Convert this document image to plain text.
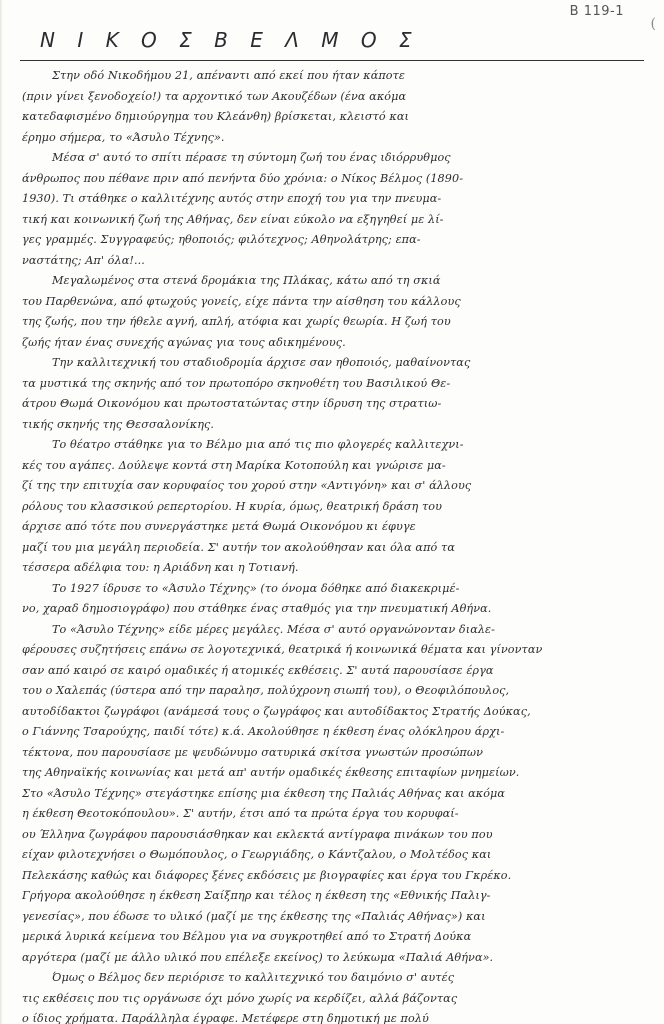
Β 119-1
(
Ν Ι Κ Ο Σ Β Ε Λ Μ Ο Σ
Στην οδό Νικοδήμου 21, απέναντι από εκεί που ήταν κάποτε
(πριν γίνει ξενοδοχείο!) τα αρχοντικό των Ακουζέδων (ένα ακόμα
κατεδαφισμένο δημιούργημα του Κλεάνθη) βρίσκεται, κλειστό και
έρημο σήμερα, το «Άσυλο Τέχνης».
Μέσα σ' αυτό το σπίτι πέρασε τη σύντομη ζωή του ένας ιδιόρρυθμος
άνθρωπος που πέθανε πριν από πενήντα δύο χρόνια: ο Νίκος Βέλμος (1890-
1930). Τι στάθηκε ο καλλιτέχνης αυτός στην εποχή του για την πνευμα-
τική και κοινωνική ζωή της Αθήνας, δεν είναι εύκολο να εξηγηθεί με λί-
γες γραμμές. Συγγραφεύς; ηθοποιός; φιλότεχνος; Αθηνολάτρης; επα-
ναστάτης; Απ' όλα!...
Μεγαλωμένος στα στενά δρομάκια της Πλάκας, κάτω από τη σκιά
του Παρθενώνα, από φτωχούς γονείς, είχε πάντα την αίσθηση του κάλλους
της ζωής, που την ήθελε αγνή, απλή, ατόφια και χωρίς θεωρία. Η ζωή του
ζωής ήταν ένας συνεχής αγώνας για τους αδικημένους.
Την καλλιτεχνική του σταδιοδρομία άρχισε σαν ηθοποιός, μαθαίνοντας
τα μυστικά της σκηνής από τον πρωτοπόρο σκηνοθέτη του Βασιλικού Θε-
άτρου Θωμά Οικονόμου και πρωτοστατώντας στην ίδρυση της στρατιω-
τικής σκηνής της Θεσσαλονίκης.
Το θέατρο στάθηκε για το Βέλμο μια από τις πιο φλογερές καλλιτεχνι-
κές του αγάπες. Δούλεψε κοντά στη Μαρίκα Κοτοπούλη και γνώρισε μα-
ζί της την επιτυχία σαν κορυφαίος του χορού στην «Αντιγόνη» και σ' άλλους
ρόλους του κλασσικού ρεπερτορίου. Η κυρία, όμως, θεατρική δράση του
άρχισε από τότε που συνεργάστηκε μετά Θωμά Οικονόμου κι έφυγε
μαζί του μια μεγάλη περιοδεία. Σ' αυτήν τον ακολούθησαν και όλα από τα
τέσσερα αδέλφια του: η Αριάδνη και η Τοτιανή.
Το 1927 ίδρυσε το «Άσυλο Τέχνης» (το όνομα δόθηκε από διακεκριμέ-
νο, χαραδ δημοσιογράφο) που στάθηκε ένας σταθμός για την πνευματική Αθήνα.
Το «Άσυλο Τέχνης» είδε μέρες μεγάλες. Μέσα σ' αυτό οργανώνονταν διαλε-
φέρουσες συζητήσεις επάνω σε λογοτεχνικά, θεατρικά ή κοινωνικά θέματα και γίνονταν
σαν από καιρό σε καιρό ομαδικές ή ατομικές εκθέσεις. Σ' αυτά παρουσίασε έργα
του ο Χαλεπάς (ύστερα από την παραλησ, πολύχρονη σιωπή του), ο Θεοφιλόπουλος,
αυτοδίδακτοι ζωγράφοι (ανάμεσά τους ο ζωγράφος και αυτοδίδακτος Στρατής Δούκας,
ο Γιάννης Τσαρούχης, παιδί τότε) κ.ά. Ακολούθησε η έκθεση ένας ολόκληρου άρχι-
τέκτονα, που παρουσίασε με ψευδώνυμο σατυρικά σκίτσα γνωστών προσώπων
της Αθηναϊκής κοινωνίας και μετά απ' αυτήν ομαδικές έκθεσης επιταφίων μνημείων.
Στο «Άσυλο Τέχνης» στεγάστηκε επίσης μια έκθεση της Παλιάς Αθήνας και ακόμα
η έκθεση Θεοτοκόπουλου». Σ' αυτήν, έτσι από τα πρώτα έργα του κορυφαί-
ου Έλληνα ζωγράφου παρουσιάσθηκαν και εκλεκτά αντίγραφα πινάκων του που
είχαν φιλοτεχνήσει ο Θωμόπουλος, ο Γεωργιάδης, ο Κάντζαλου, ο Μολτέδος και
Πελεκάσης καθώς και διάφορες ξένες εκδόσεις με βιογραφίες και έργα του Γκρέκο.
Γρήγορα ακολούθησε η έκθεση Σαίξπηρ και τέλος η έκθεση της «Εθνικής Παλιγ-
γενεσίας», που έδωσε το υλικό (μαζί με της έκθεσης της «Παλιάς Αθήνας») και
μερικά λυρικά κείμενα του Βέλμου για να συγκροτηθεί από το Στρατή Δούκα
αργότερα (μαζί με άλλο υλικό που επέλεξε εκείνος) το λεύκωμα «Παλιά Αθήνα».
Όμως ο Βέλμος δεν περιόρισε το καλλιτεχνικό του δαιμόνιο σ' αυτές
τις εκθέσεις που τις οργάνωσε όχι μόνο χωρίς να κερδίζει, αλλά βάζοντας
ο ίδιος χρήματα. Παράλληλα έγραφε. Μετέφερε στη δημοτική με πολύ
